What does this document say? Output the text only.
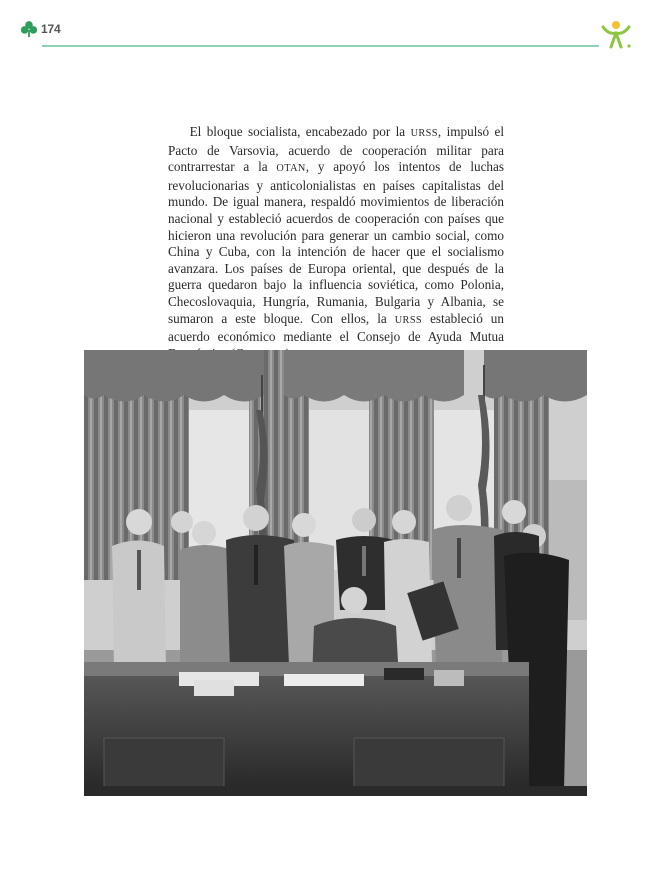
174
El bloque socialista, encabezado por la URSS, impulsó el Pacto de Varsovia, acuerdo de cooperación militar para contrarrestar a la OTAN, y apoyó los intentos de luchas revolucionarias y anticolonialistas en países capitalistas del mundo. De igual manera, respaldó movimientos de liberación nacional y estableció acuerdos de cooperación con países que hicieron una revolución para generar un cambio social, como China y Cuba, con la intención de hacer que el socialismo avanzara. Los países de Europa oriental, que después de la guerra quedaron bajo la influencia soviética, como Polonia, Checoslovaquia, Hungría, Rumania, Bulgaria y Albania, se sumaron a este bloque. Con ellos, la URSS estableció un acuerdo económico mediante el Consejo de Ayuda Mutua
